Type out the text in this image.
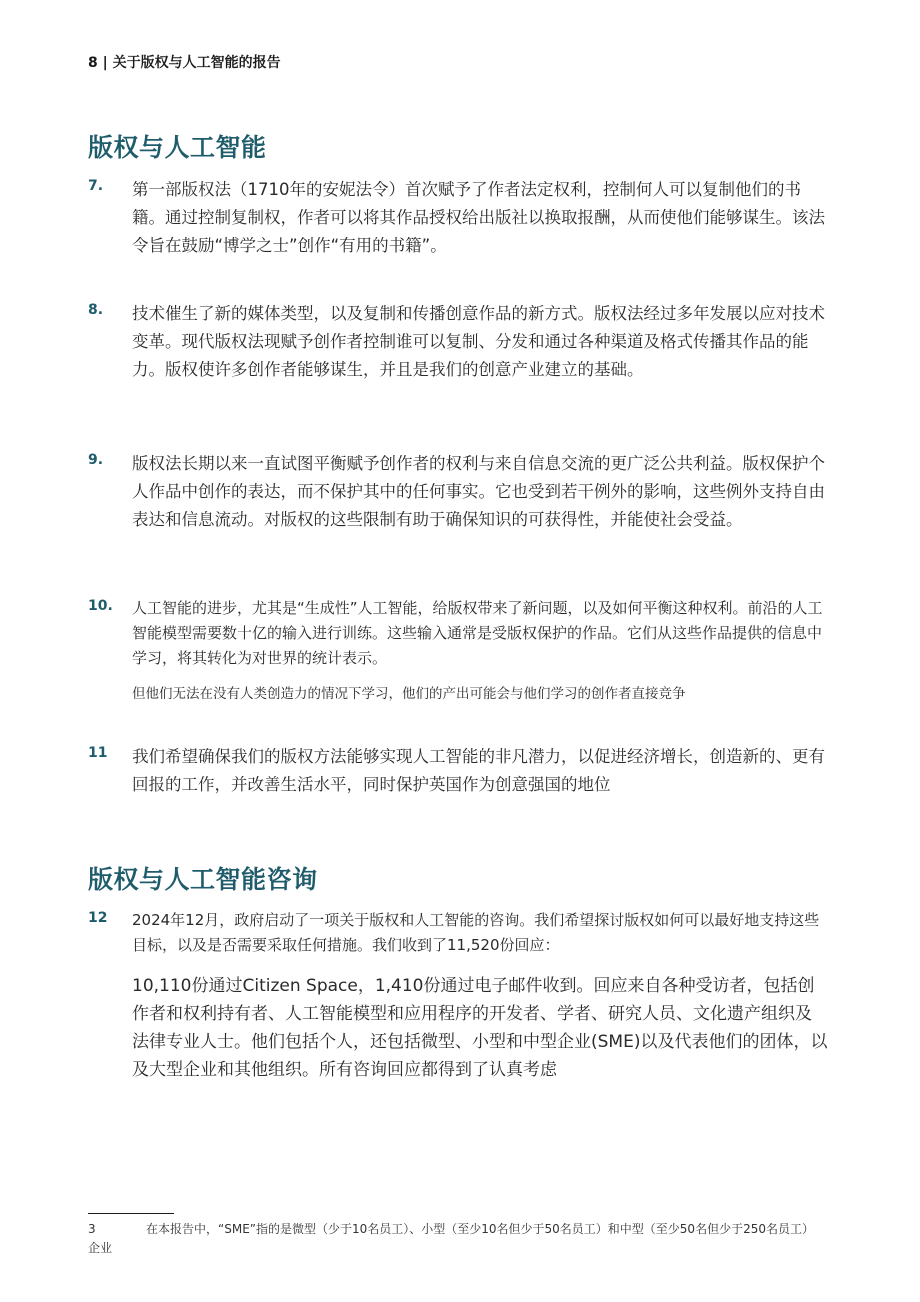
8 | 关于版权与人工智能的报告
版权与人工智能
7. 第一部版权法（1710年的安妮法令）首次赋予了作者法定权利，控制何人可以复制他们的书籍。通过控制复制权，作者可以将其作品授权给出版社以换取报酬，从而使他们能够谋生。该法令旨在鼓励“博学之士”创作“有用的书籍”。
8. 技术催生了新的媒体类型，以及复制和传播创意作品的新方式。版权法经过多年发展以应对技术变革。现代版权法现赋予创作者控制谁可以复制、分发和通过各种渠道及格式传播其作品的能力。版权使许多创作者能够谋生，并且是我们的创意产业建立的基础。
9. 版权法长期以来一直试图平衡赋予创作者的权利与来自信息交流的更广泛公共利益。版权保护个人作品中创作的表达，而不保护其中的任何事实。它也受到若干例外的影响，这些例外支持自由表达和信息流动。对版权的这些限制有助于确保知识的可获得性，并能使社会受益。
10. 人工智能的进步，尤其是“生成性”人工智能，给版权带来了新问题，以及如何平衡这种权利。前沿的人工智能模型需要数十亿的输入进行训练。这些输入通常是受版权保护的作品。它们从这些作品提供的信息中学习，将其转化为对世界的统计表示。
但他们无法在没有人类创造力的情况下学习，他们的产出可能会与他们学习的创作者直接竞争
11 我们希望确保我们的版权方法能够实现人工智能的非凡潜力，以促进经济增长，创造新的、更有回报的工作，并改善生活水平，同时保护英国作为创意强国的地位
版权与人工智能咨询
12 2024年12月，政府启动了一项关于版权和人工智能的咨询。我们希望探讨版权如何可以最好地支持这些目标，以及是否需要采取任何措施。我们收到了11,520份回应：
10,110份通过Citizen Space，1,410份通过电子邮件收到。回应来自各种受访者，包括创作者和权利持有者、人工智能模型和应用程序的开发者、学者、研究人员、文化遗产组织及法律专业人士。他们包括个人，还包括微型、小型和中型企业(SME)以及代表他们的团体，以及大型企业和其他组织。所有咨询回应都得到了认真考虑
3	在本报告中，“SME”指的是微型（少于10名员工）、小型（至少10名但少于50名员工）和中型（至少50名但少于250名员工）企业
